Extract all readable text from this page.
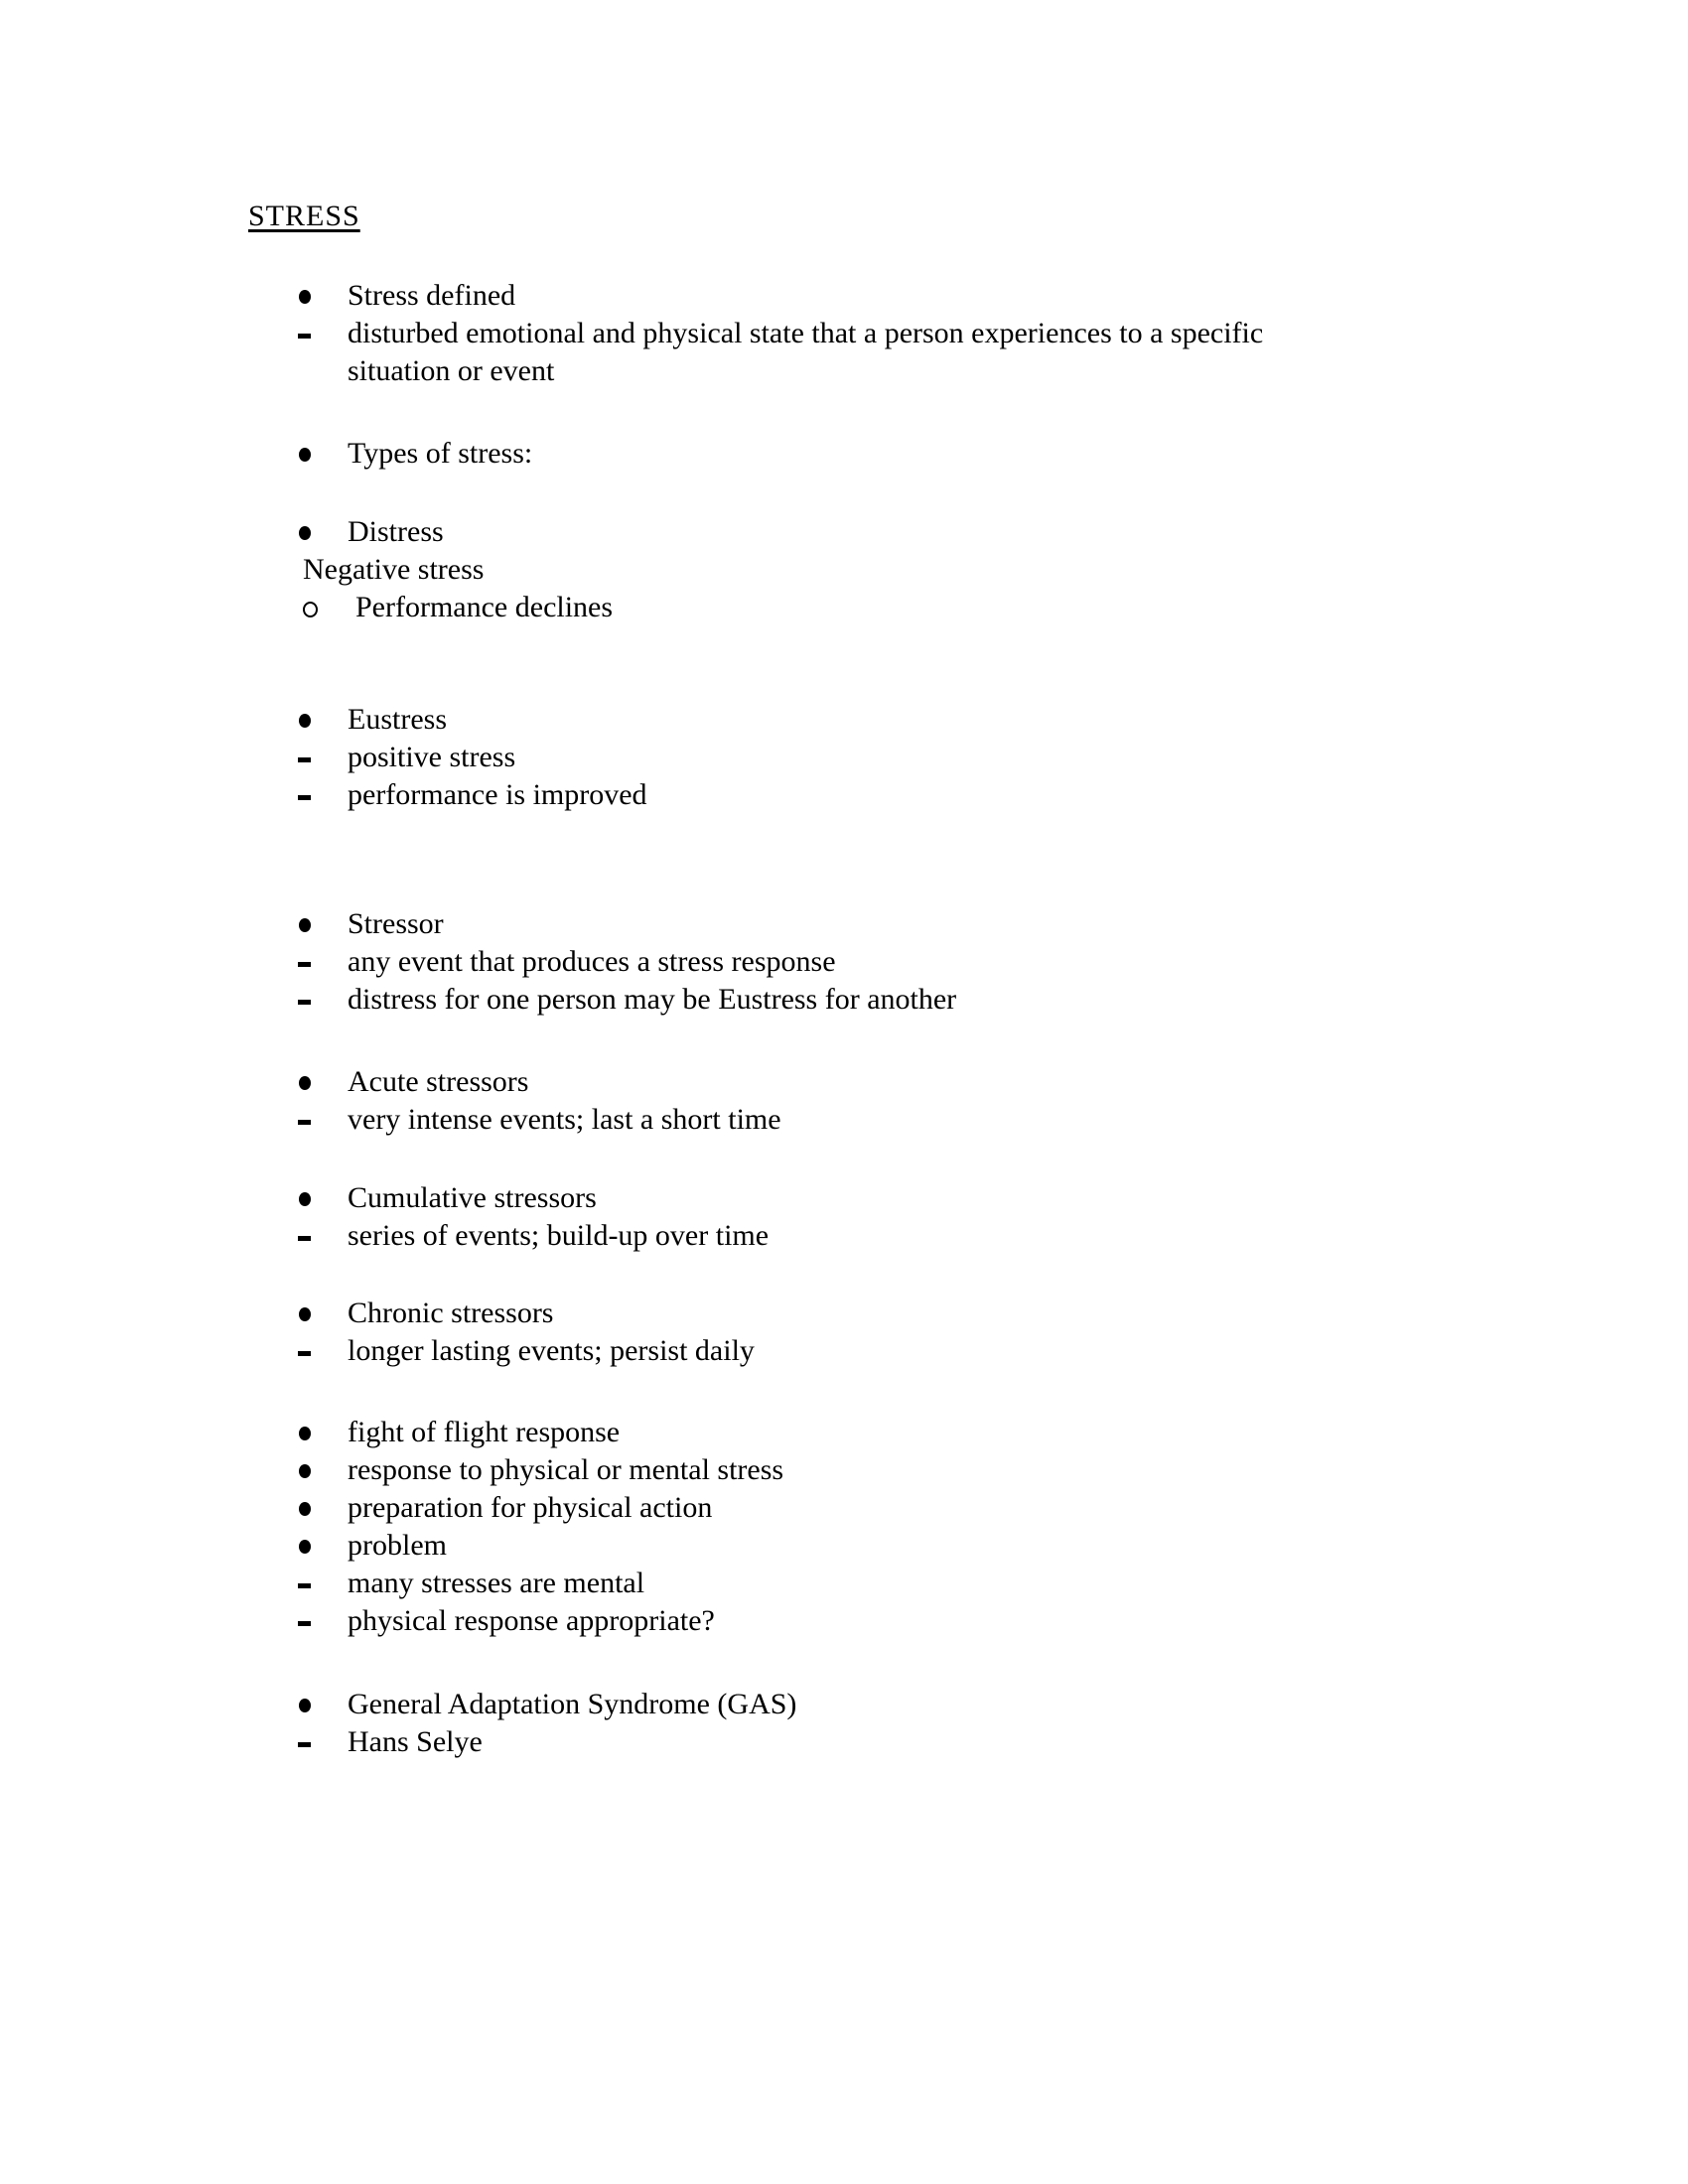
STRESS
Stress defined
disturbed emotional and physical state that a person experiences to a specific situation or event
Types of stress:
Distress
Negative stress
Performance declines
Eustress
positive stress
performance is improved
Stressor
any event that produces a stress response
distress for one person may be Eustress for another
Acute stressors
very intense events; last a short time
Cumulative stressors
series of events; build-up over time
Chronic stressors
longer lasting events; persist daily
fight of flight response
response to physical or mental stress
preparation for physical action
problem
many stresses are mental
physical response appropriate?
General Adaptation Syndrome (GAS)
Hans Selye
